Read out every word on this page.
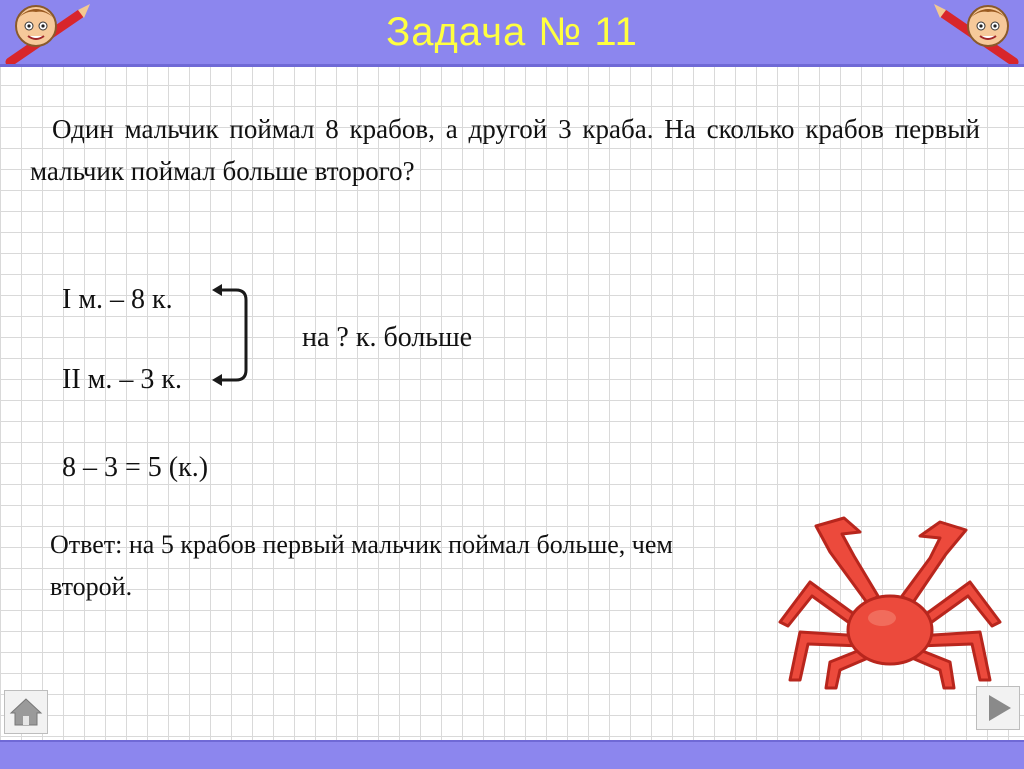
Задача № 11
Один мальчик поймал 8 крабов, а другой 3 краба. На сколько крабов первый мальчик поймал больше второго?
I м. – 8 к.
II м. – 3 к.
на ? к. больше
8 – 3 = 5 (к.)
Ответ: на 5 крабов первый мальчик поймал больше, чем второй.
